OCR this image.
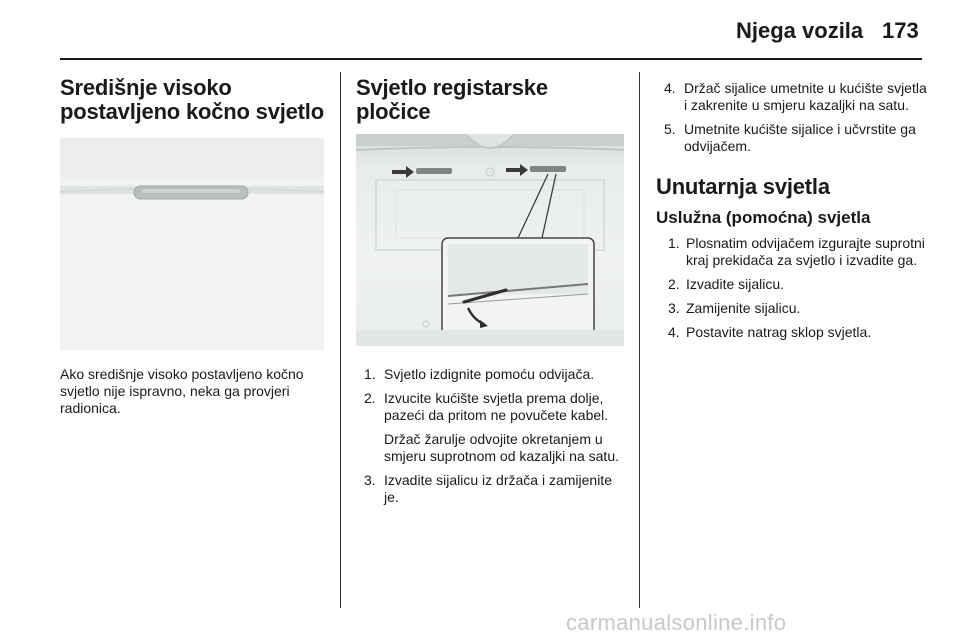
Njega vozila 173
Središnje visoko postavljeno kočno svjetlo

Ako središnje visoko postavljeno kočno svjetlo nije ispravno, neka ga provjeri radionica.

Svjetlo registarske pločice
1. Svjetlo izdignite pomoću odvijača.
2. Izvucite kućište svjetla prema dolje, pazeći da pritom ne povučete kabel.
Držač žarulje odvojite okretanjem u smjeru suprotnom od kazaljki na satu.
3. Izvadite sijalicu iz držača i zamijenite je.
4. Držač sijalice umetnite u kućište svjetla i zakrenite u smjeru kazaljki na satu.
5. Umetnite kućište sijalice i učvrstite ga odvijačem.
Unutarnja svjetla
Uslužna (pomoćna) svjetla
1. Plosnatim odvijačem izgurajte suprotni kraj prekidača za svjetlo i izvadite ga.
2. Izvadite sijalicu.
3. Zamijenite sijalicu.
4. Postavite natrag sklop svjetla.
carmanualsonline.info
